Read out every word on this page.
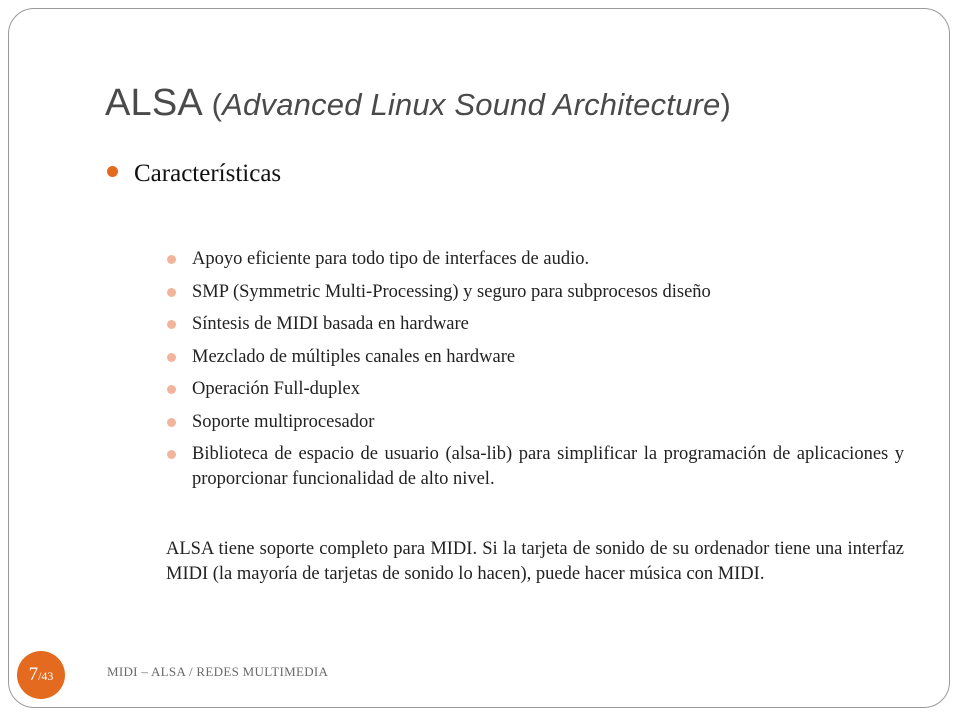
ALSA (Advanced Linux Sound Architecture)
Características
Apoyo eficiente para todo tipo de interfaces de audio.
SMP (Symmetric Multi-Processing) y seguro para subprocesos diseño
Síntesis de MIDI basada en hardware
Mezclado de múltiples canales en hardware
Operación Full-duplex
Soporte multiprocesador
Biblioteca de espacio de usuario (alsa-lib) para simplificar la programación de aplicaciones y proporcionar funcionalidad de alto nivel.

ALSA tiene soporte completo para MIDI. Si la tarjeta de sonido de su ordenador tiene una interfaz MIDI (la mayoría de tarjetas de sonido lo hacen), puede hacer música con MIDI.

7/43	MIDI – ALSA / REDES MULTIMEDIA
